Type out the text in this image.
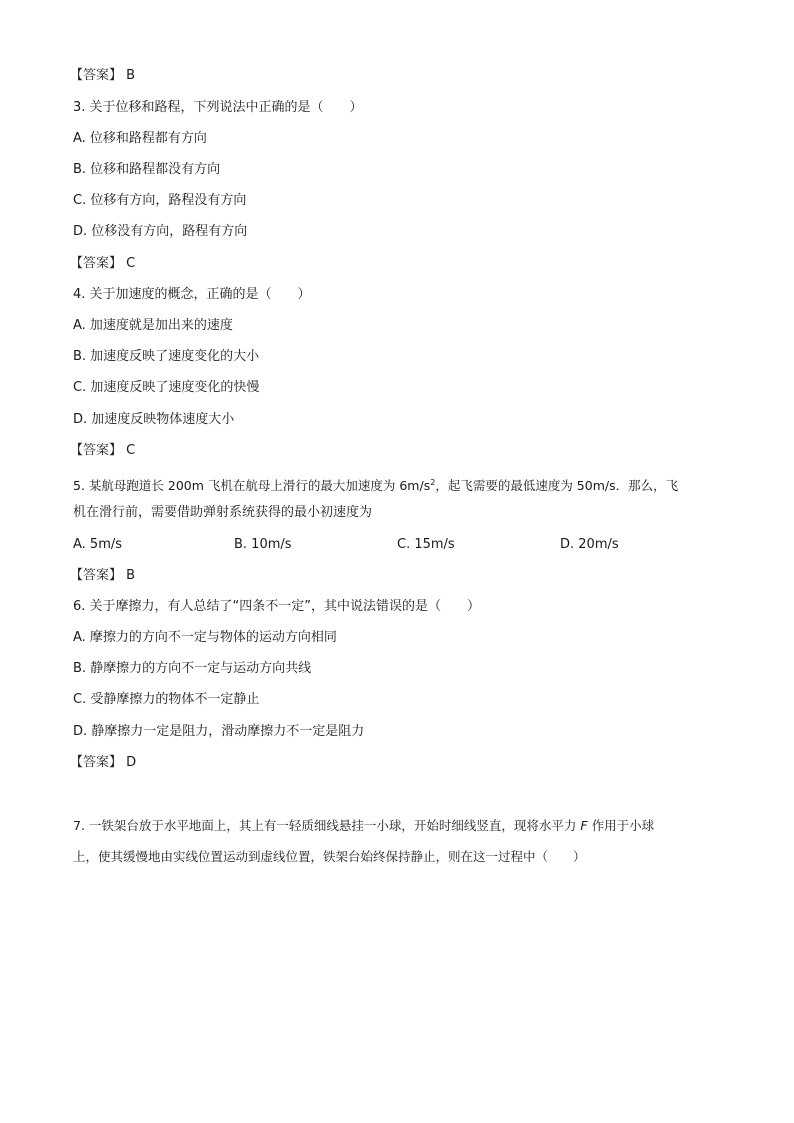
【答案】 B
3. 关于位移和路程，下列说法中正确的是（　　）
A. 位移和路程都有方向
B. 位移和路程都没有方向
C. 位移有方向，路程没有方向
D. 位移没有方向，路程有方向
【答案】 C
4. 关于加速度的概念，正确的是（　　）
A. 加速度就是加出来的速度
B. 加速度反映了速度变化的大小
C. 加速度反映了速度变化的快慢
D. 加速度反映物体速度大小
【答案】 C
5. 某航母跑道长 200m 飞机在航母上滑行的最大加速度为 $6m/s^2$，起飞需要的最低速度为 50m/s．那么，飞
机在滑行前，需要借助弹射系统获得的最小初速度为
A. 5m/s	B. 10m/s	C. 15m/s	D. 20m/s
【答案】 B
6. 关于摩擦力，有人总结了“四条不一定”，其中说法错误的是（　　）
A. 摩擦力的方向不一定与物体的运动方向相同
B. 静摩擦力的方向不一定与运动方向共线
C. 受静摩擦力的物体不一定静止
D. 静摩擦力一定是阻力，滑动摩擦力不一定是阻力
【答案】 D
7. 一铁架台放于水平地面上，其上有一轻质细线悬挂一小球，开始时细线竖直，现将水平力 F 作用于小球
上，使其缓慢地由实线位置运动到虚线位置，铁架台始终保持静止，则在这一过程中（　　）
